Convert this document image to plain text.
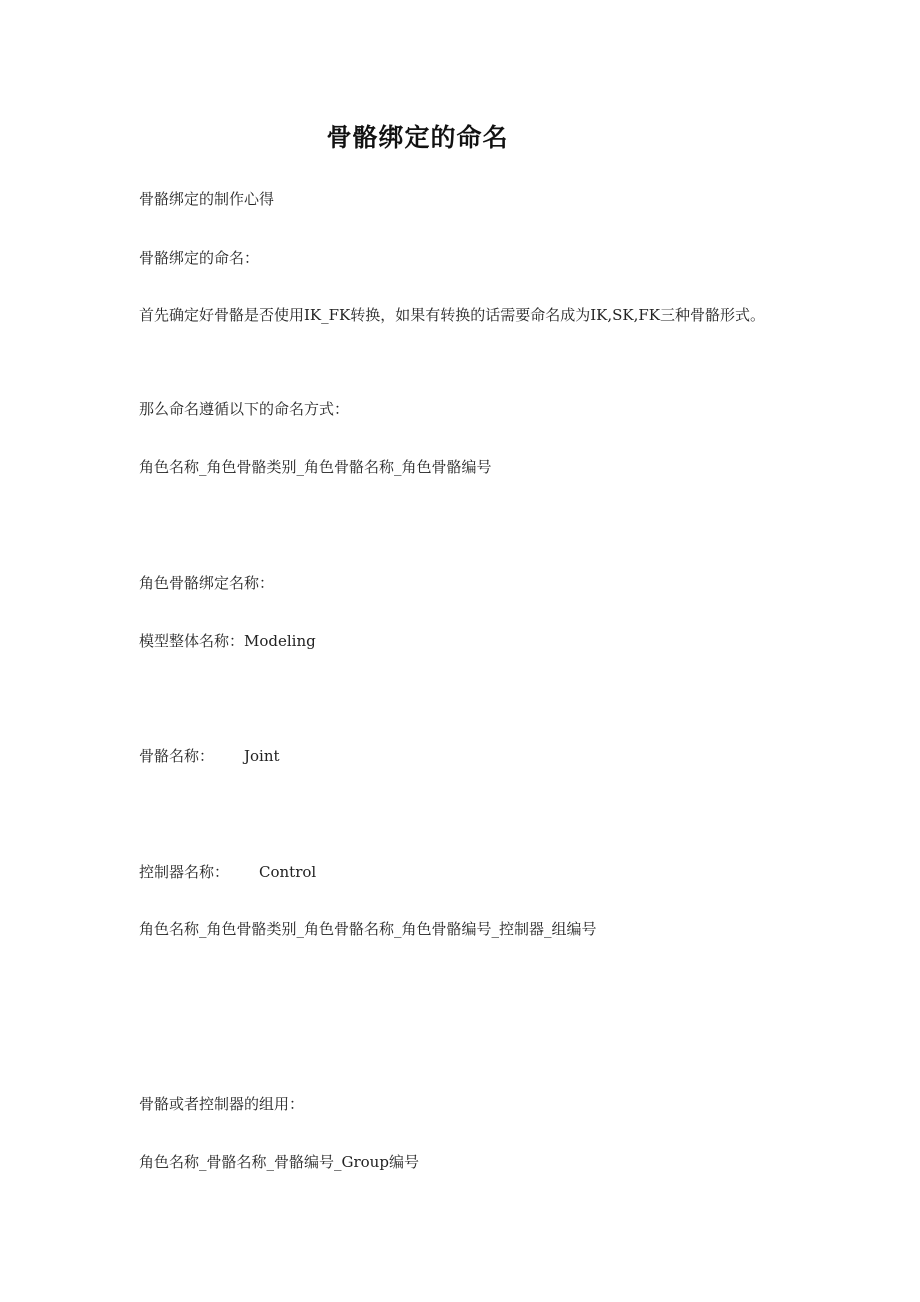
骨骼绑定的命名
骨骼绑定的制作心得
骨骼绑定的命名：
首先确定好骨骼是否使用IK_FK转换，如果有转换的话需要命名成为IK,SK,FK三种骨骼形式。
那么命名遵循以下的命名方式：
角色名称_角色骨骼类别_角色骨骼名称_角色骨骼编号
角色骨骼绑定名称：
模型整体名称：Modeling
骨骼名称： Joint
控制器名称： Control
角色名称_角色骨骼类别_角色骨骼名称_角色骨骼编号_控制器_组编号
骨骼或者控制器的组用：
角色名称_骨骼名称_骨骼编号_Group编号
